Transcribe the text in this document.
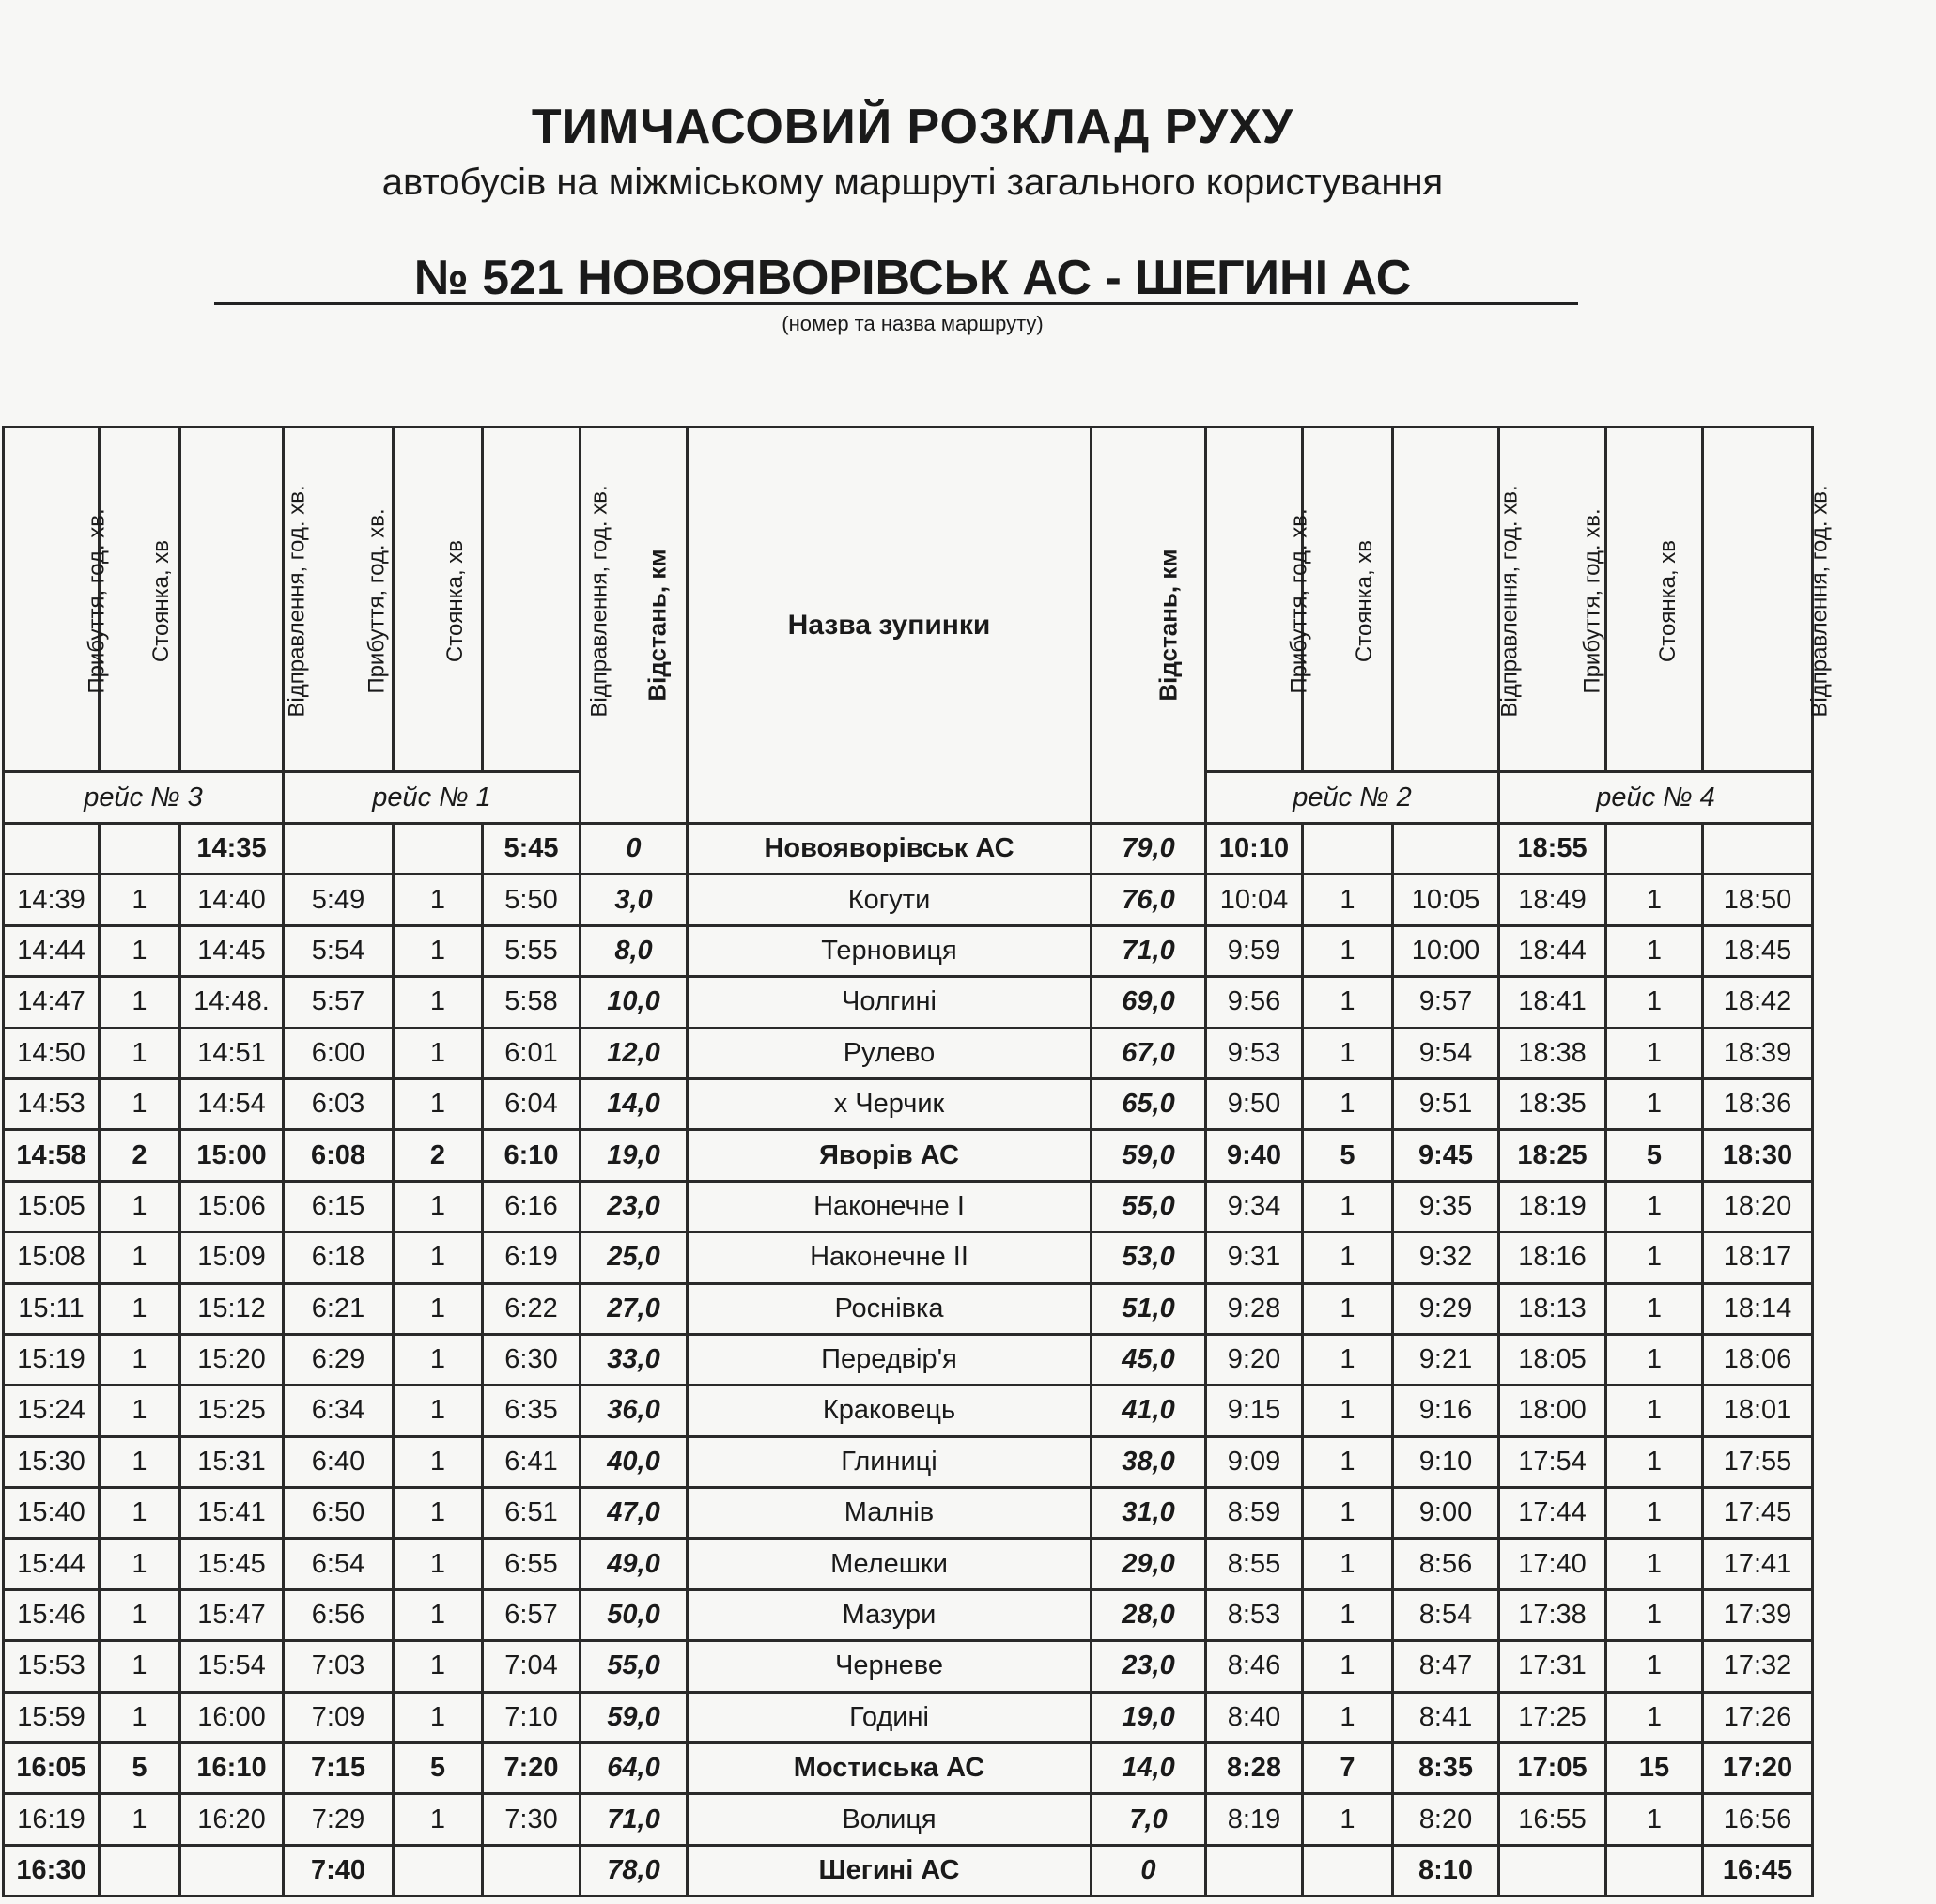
ТИМЧАСОВИЙ РОЗКЛАД РУХУ
автобусів на міжміському маршруті загального користування
№ 521 НОВОЯВОРІВСЬК АС - ШЕГИНІ АС
(номер та назва маршруту)
Прибуття, год. хв.	Стоянка, хв	Відправлення, год. хв.	Прибуття, год. хв.	Стоянка, хв	Відправлення, год. хв.	Відстань, км	Назва зупинки	Відстань, км	Прибуття, год. хв.	Стоянка, хв	Відправлення, год. хв.	Прибуття, год. хв.	Стоянка, хв	Відправлення, год. хв.
рейс № 3			рейс № 1						рейс № 2			рейс № 4		
		14:35			5:45	0	Новояворівськ АС	79,0	10:10			18:55		
14:39	1	14:40	5:49	1	5:50	3,0	Когути	76,0	10:04	1	10:05	18:49	1	18:50
14:44	1	14:45	5:54	1	5:55	8,0	Терновиця	71,0	9:59	1	10:00	18:44	1	18:45
14:47	1	14:48.	5:57	1	5:58	10,0	Чолгині	69,0	9:56	1	9:57	18:41	1	18:42
14:50	1	14:51	6:00	1	6:01	12,0	Рулево	67,0	9:53	1	9:54	18:38	1	18:39
14:53	1	14:54	6:03	1	6:04	14,0	х Черчик	65,0	9:50	1	9:51	18:35	1	18:36
14:58	2	15:00	6:08	2	6:10	19,0	Яворів АС	59,0	9:40	5	9:45	18:25	5	18:30
15:05	1	15:06	6:15	1	6:16	23,0	Наконечне І	55,0	9:34	1	9:35	18:19	1	18:20
15:08	1	15:09	6:18	1	6:19	25,0	Наконечне ІІ	53,0	9:31	1	9:32	18:16	1	18:17
15:11	1	15:12	6:21	1	6:22	27,0	Роснівка	51,0	9:28	1	9:29	18:13	1	18:14
15:19	1	15:20	6:29	1	6:30	33,0	Передвір'я	45,0	9:20	1	9:21	18:05	1	18:06
15:24	1	15:25	6:34	1	6:35	36,0	Краковець	41,0	9:15	1	9:16	18:00	1	18:01
15:30	1	15:31	6:40	1	6:41	40,0	Глиниці	38,0	9:09	1	9:10	17:54	1	17:55
15:40	1	15:41	6:50	1	6:51	47,0	Малнів	31,0	8:59	1	9:00	17:44	1	17:45
15:44	1	15:45	6:54	1	6:55	49,0	Мелешки	29,0	8:55	1	8:56	17:40	1	17:41
15:46	1	15:47	6:56	1	6:57	50,0	Мазури	28,0	8:53	1	8:54	17:38	1	17:39
15:53	1	15:54	7:03	1	7:04	55,0	Черневе	23,0	8:46	1	8:47	17:31	1	17:32
15:59	1	16:00	7:09	1	7:10	59,0	Годині	19,0	8:40	1	8:41	17:25	1	17:26
16:05	5	16:10	7:15	5	7:20	64,0	Мостиська АС	14,0	8:28	7	8:35	17:05	15	17:20
16:19	1	16:20	7:29	1	7:30	71,0	Волиця	7,0	8:19	1	8:20	16:55	1	16:56
16:30			7:40			78,0	Шегині АС	0			8:10			16:45
